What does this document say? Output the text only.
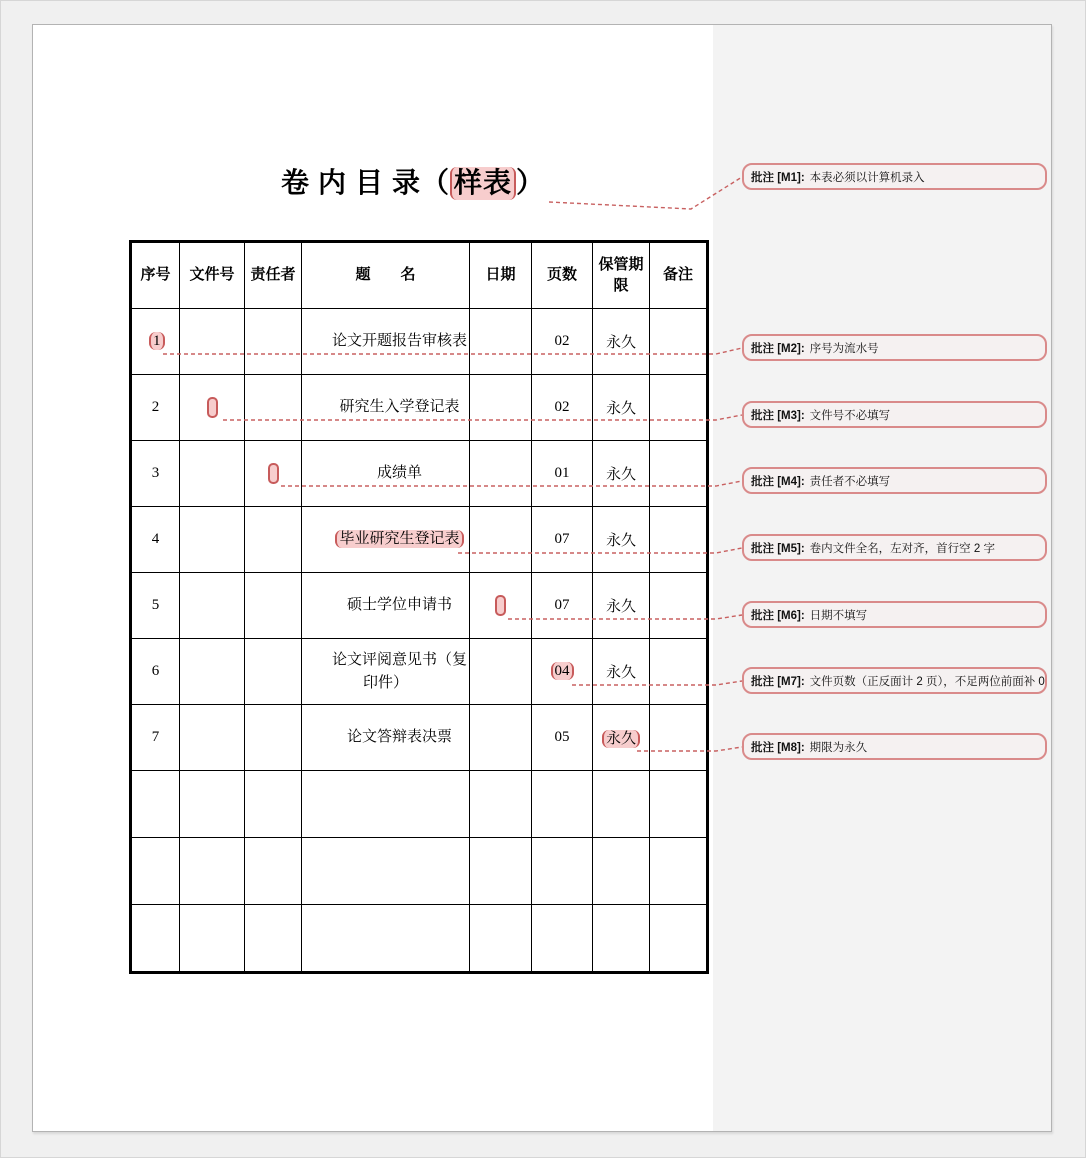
卷 内 目 录（ 样表 ）
序号	文件号	责任者	题　　名	日期	页数	保管期限	备注
1			论文开题报告审核表		02	永久	
2			研究生入学登记表		02	永久	
3			成绩单		01	永久	
4			毕业研究生登记表		07	永久	
5			硕士学位申请书		07	永久	
6			论文评阅意见书（复印件）		04	永久	
7			论文答辩表决票		05	永久	

批注 [M1]: 本表必须以计算机录入
批注 [M2]: 序号为流水号
批注 [M3]: 文件号不必填写
批注 [M4]: 责任者不必填写
批注 [M5]: 卷内文件全名，左对齐，首行空 2 字
批注 [M6]: 日期不填写
批注 [M7]: 文件页数（正反面计 2 页），不足两位前面补 0
批注 [M8]: 期限为永久
